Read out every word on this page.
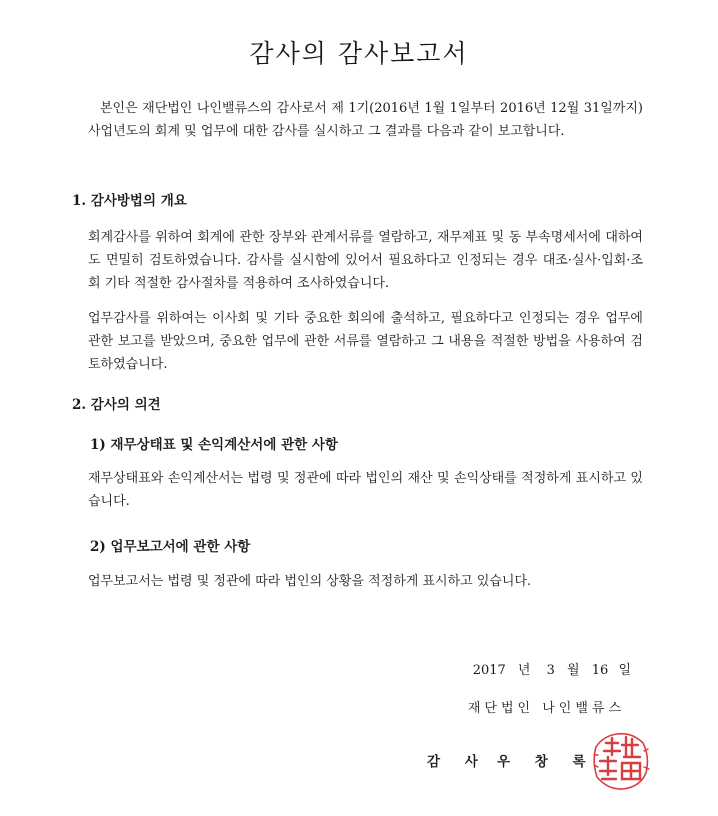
감사의 감사보고서

본인은 재단법인 나인밸류스의 감사로서 제 1기(2016년 1월 1일부터 2016년 12월 31일까지) 사업년도의 회계 및 업무에 대한 감사를 실시하고 그 결과를 다음과 같이 보고합니다.

1. 감사방법의 개요

회계감사를 위하여 회계에 관한 장부와 관계서류를 열람하고, 재무제표 및 동 부속명세서에 대하여도 면밀히 검토하였습니다. 감사를 실시함에 있어서 필요하다고 인정되는 경우 대조·실사·입회·조회 기타 적절한 감사절차를 적용하여 조사하였습니다.

업무감사를 위하여는 이사회 및 기타 중요한 회의에 출석하고, 필요하다고 인정되는 경우 업무에 관한 보고를 받았으며, 중요한 업무에 관한 서류를 열람하고 그 내용을 적절한 방법을 사용하여 검토하였습니다.

2. 감사의 의견

1) 재무상태표 및 손익계산서에 관한 사항

재무상태표와 손익계산서는 법령 및 정관에 따라 법인의 재산 및 손익상태를 적정하게 표시하고 있습니다.

2) 업무보고서에 관한 사항

업무보고서는 법령 및 정관에 따라 법인의 상황을 적정하게 표시하고 있습니다.

2017 년 3 월 16 일
재단법인 나인밸류스
감 사 우 창 록
